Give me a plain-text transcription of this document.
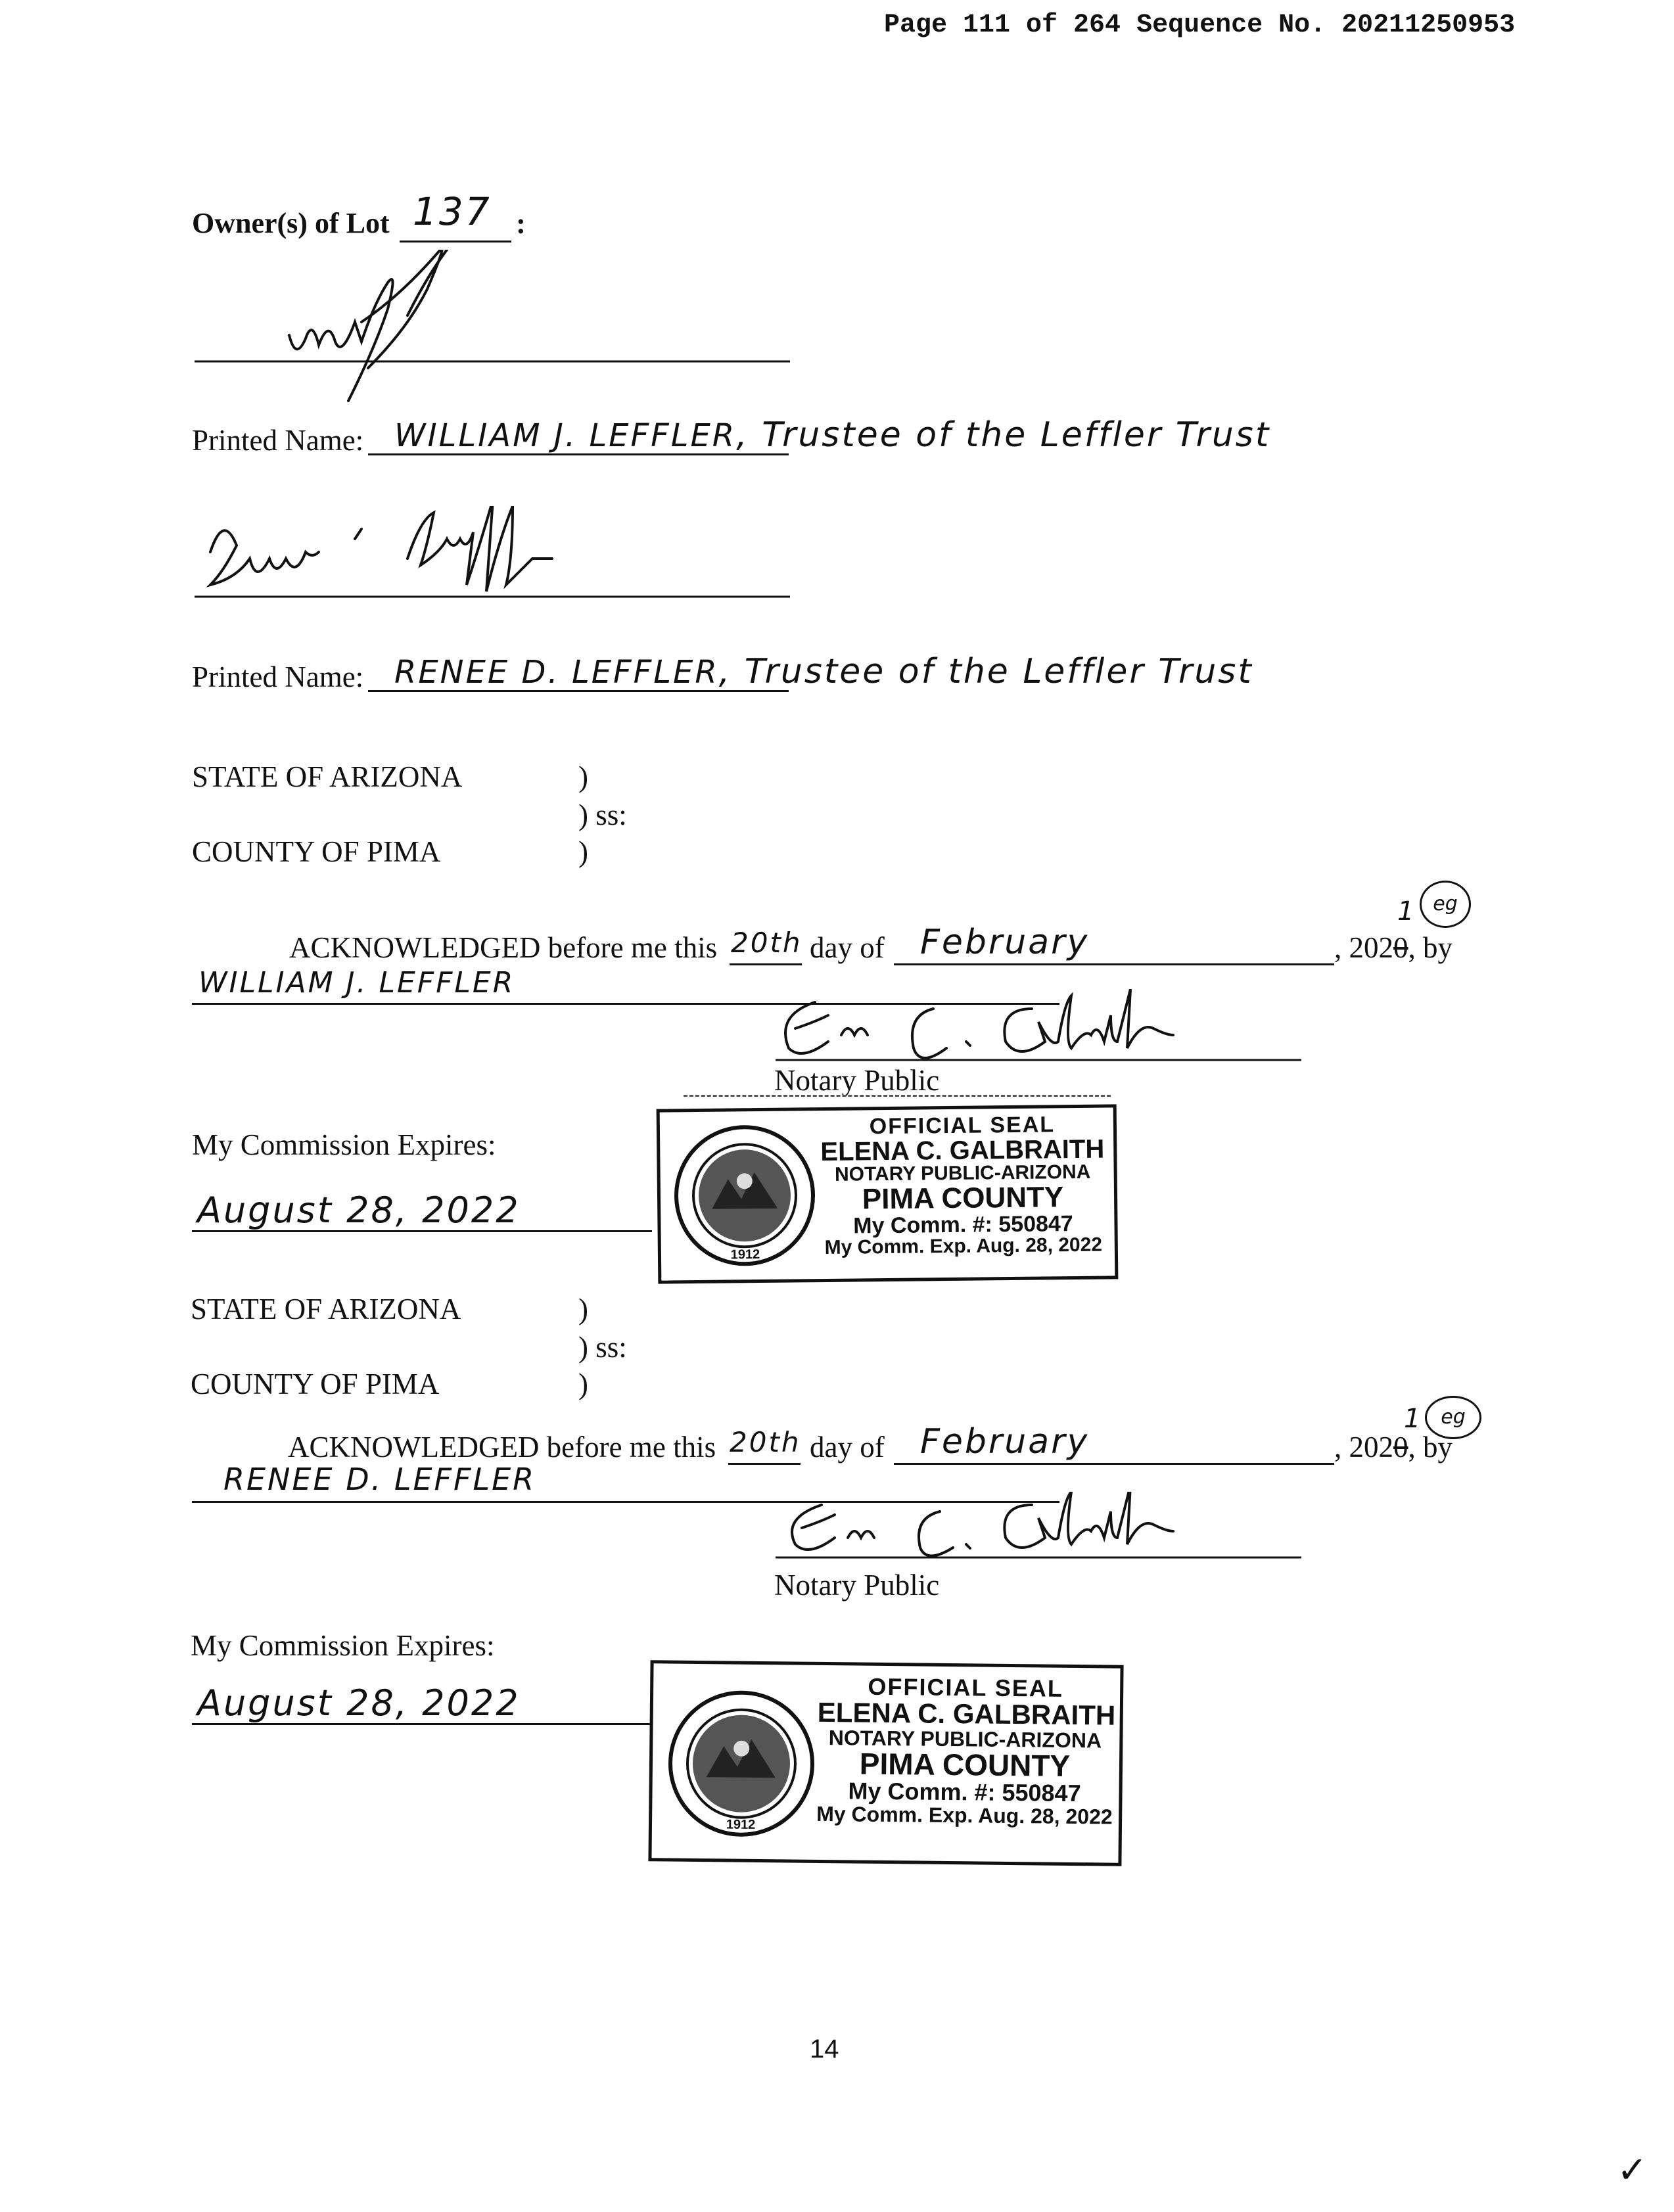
Page 111 of 264 Sequence No. 20211250953
Owner(s) of Lot 137 :
Printed Name: WILLIAM J. LEFFLER, Trustee of the Leffler Trust
Printed Name: RENEE D. LEFFLER, Trustee of the Leffler Trust
STATE OF ARIZONA	)
) ss:
COUNTY OF PIMA	)
ACKNOWLEDGED before me this 20th day of February	, 2020, by
1 eg
WILLIAM J. LEFFLER
Notary Public
My Commission Expires:
August 28, 2022
1912
OFFICIAL SEAL
ELENA C. GALBRAITH
NOTARY PUBLIC-ARIZONA
PIMA COUNTY
My Comm. #: 550847
My Comm. Exp. Aug. 28, 2022
STATE OF ARIZONA	)
) ss:
COUNTY OF PIMA	)
ACKNOWLEDGED before me this 20th day of February	, 2020, by
1 eg
RENEE D. LEFFLER
Notary Public
My Commission Expires:
August 28, 2022
1912
OFFICIAL SEAL
ELENA C. GALBRAITH
NOTARY PUBLIC-ARIZONA
PIMA COUNTY
My Comm. #: 550847
My Comm. Exp. Aug. 28, 2022
14
✓
